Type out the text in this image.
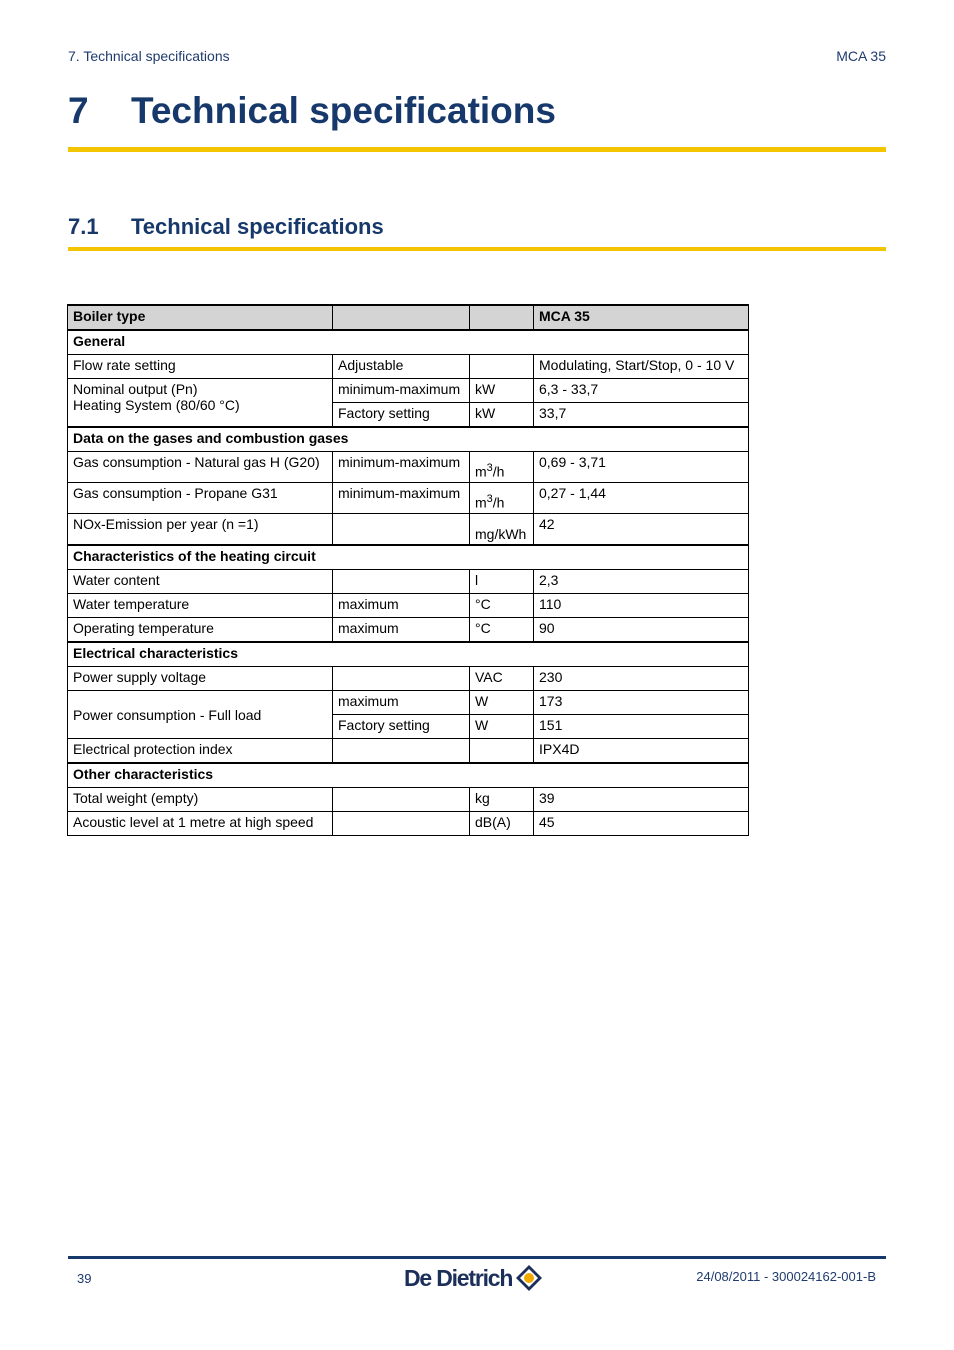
7. Technical specifications	MCA 35
7 Technical specifications
7.1 Technical specifications
Boiler type			MCA 35
General			
Flow rate setting	Adjustable		Modulating, Start/Stop, 0 - 10 V
Nominal output (Pn)
Heating System (80/60 °C)	minimum-maximum	kW	6,3 - 33,7
	Factory setting	kW	33,7
Data on the gases and combustion gases			
Gas consumption - Natural gas H (G20)	minimum-maximum	m 3 /h	0,69 - 3,71
Gas consumption - Propane G31	minimum-maximum	m 3 /h	0,27 - 1,44
NOx-Emission per year (n =1)		mg/kWh	42
Characteristics of the heating circuit			
Water content		l	2,3
Water temperature	maximum	°C	110
Operating temperature	maximum	°C	90
Electrical characteristics			
Power supply voltage		VAC	230
Power consumption - Full load	maximum	W	173
	Factory setting	W	151
Electrical protection index			IPX4D
Other characteristics			
Total weight (empty)		kg	39
Acoustic level at 1 metre at high speed		dB(A)	45
39	De Dietrich	24/08/2011 - 300024162-001-B
